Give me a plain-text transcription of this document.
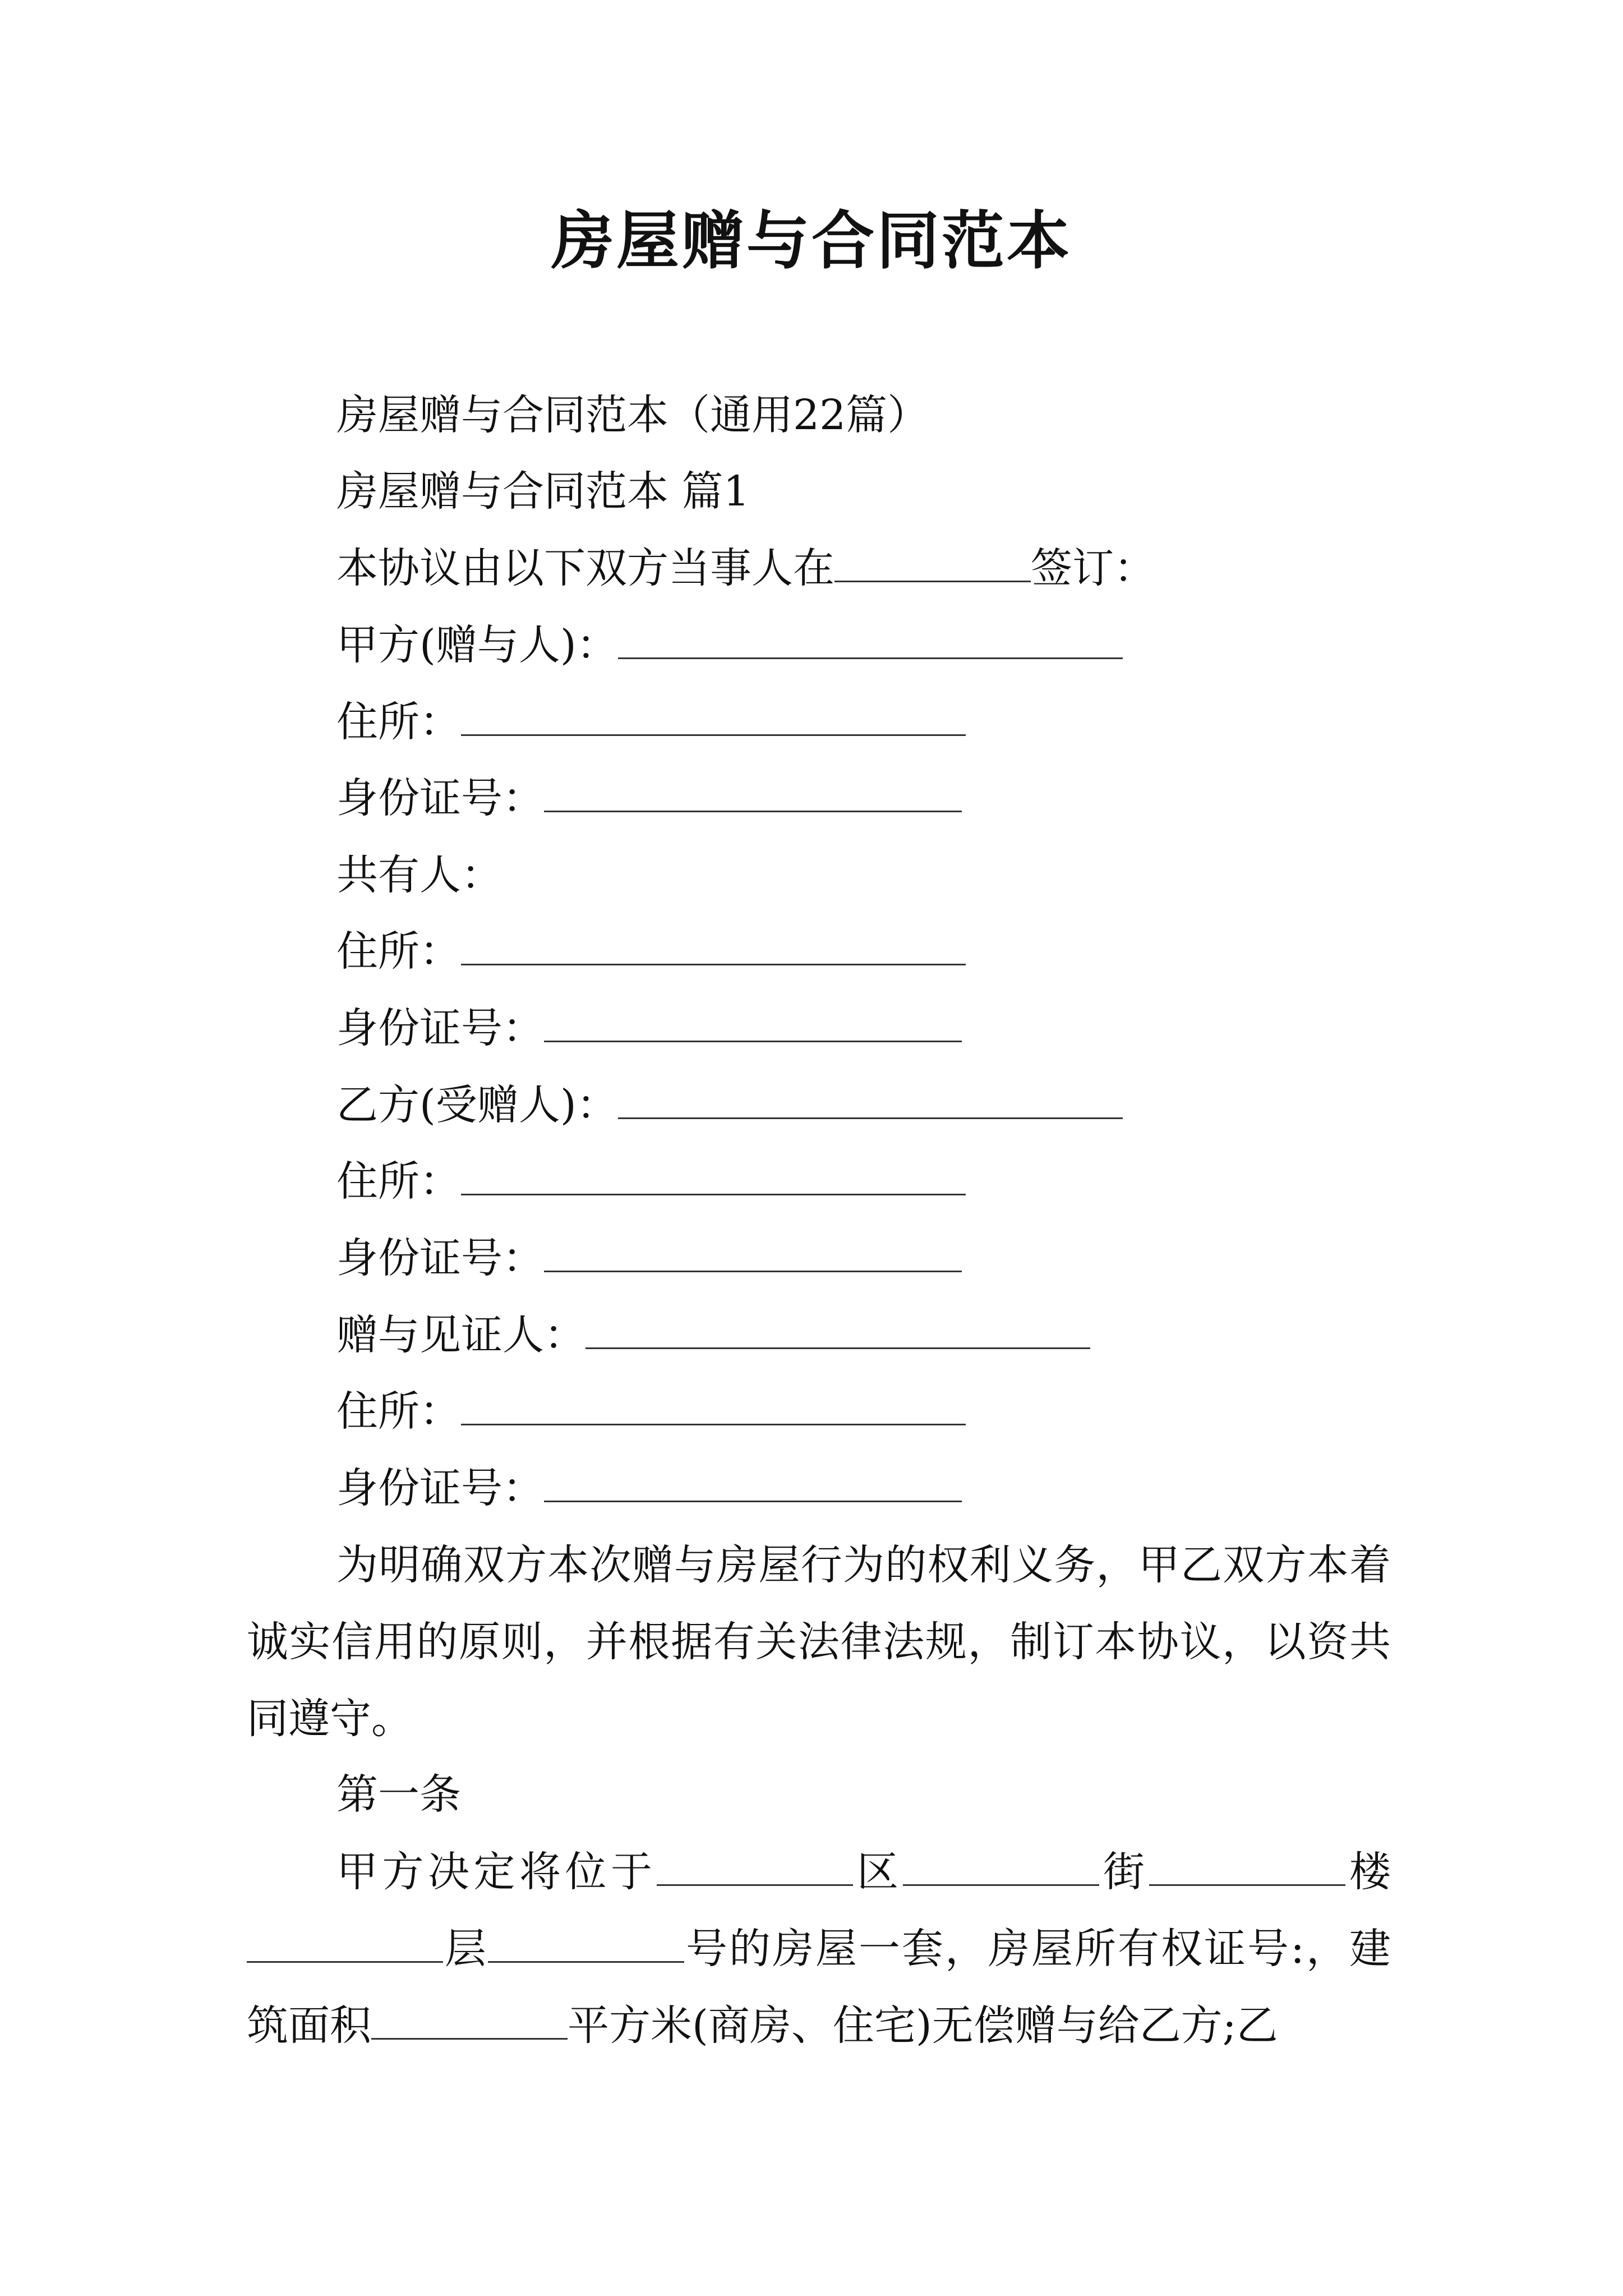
房屋赠与合同范本
房屋赠与合同范本（通用22篇）
房屋赠与合同范本 篇1
本协议由以下双方当事人在	签订：
甲方(赠与人)：
住所：
身份证号：
共有人：
住所：
身份证号：
乙方(受赠人)：
住所：
身份证号：
赠与见证人：
住所：
身份证号：
为明确双方本次赠与房屋行为的权利义务，甲乙双方本着诚实信用的原则，并根据有关法律法规，制订本协议，以资共同遵守。
第一条
甲方决定将位于	区	街	楼层	号的房屋一套，房屋所有权证号:，建筑面积	平方米(商房、住宅)无偿赠与给乙方;乙
